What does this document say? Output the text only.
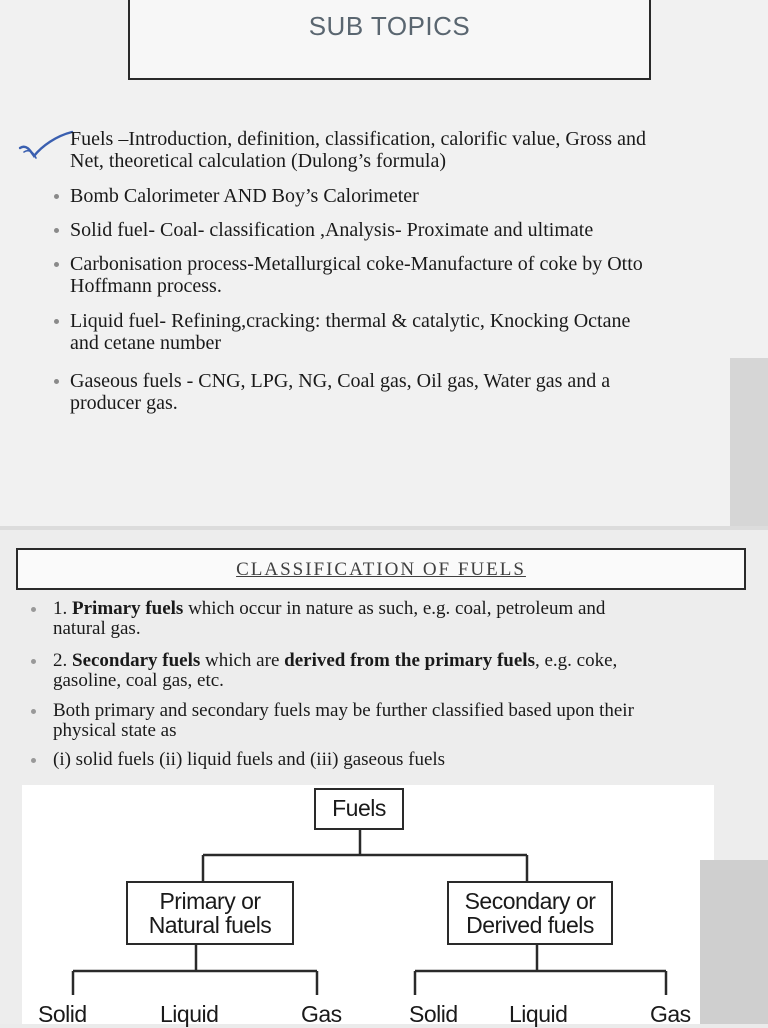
SUB TOPICS
Fuels –Introduction, definition, classification, calorific value, Gross and
Net, theoretical calculation (Dulong’s formula)
Bomb Calorimeter AND Boy’s Calorimeter
Solid fuel- Coal- classification ,Analysis- Proximate and ultimate
Carbonisation process-Metallurgical coke-Manufacture of coke by Otto
Hoffmann process.
Liquid fuel- Refining,cracking: thermal & catalytic, Knocking Octane
and cetane number
Gaseous fuels - CNG, LPG, NG, Coal gas, Oil gas, Water gas and a
producer gas.
CLASSIFICATION OF FUELS
1. Primary fuels which occur in nature as such, e.g. coal, petroleum and
natural gas.
2. Secondary fuels which are derived from the primary fuels, e.g. coke,
gasoline, coal gas, etc.
Both primary and secondary fuels may be further classified based upon their
physical state as
(i) solid fuels (ii) liquid fuels and (iii) gaseous fuels
Fuels
Primary or
Natural fuels
Secondary or
Derived fuels
Solid	Liquid	Gas	Solid Liquid	Gas
